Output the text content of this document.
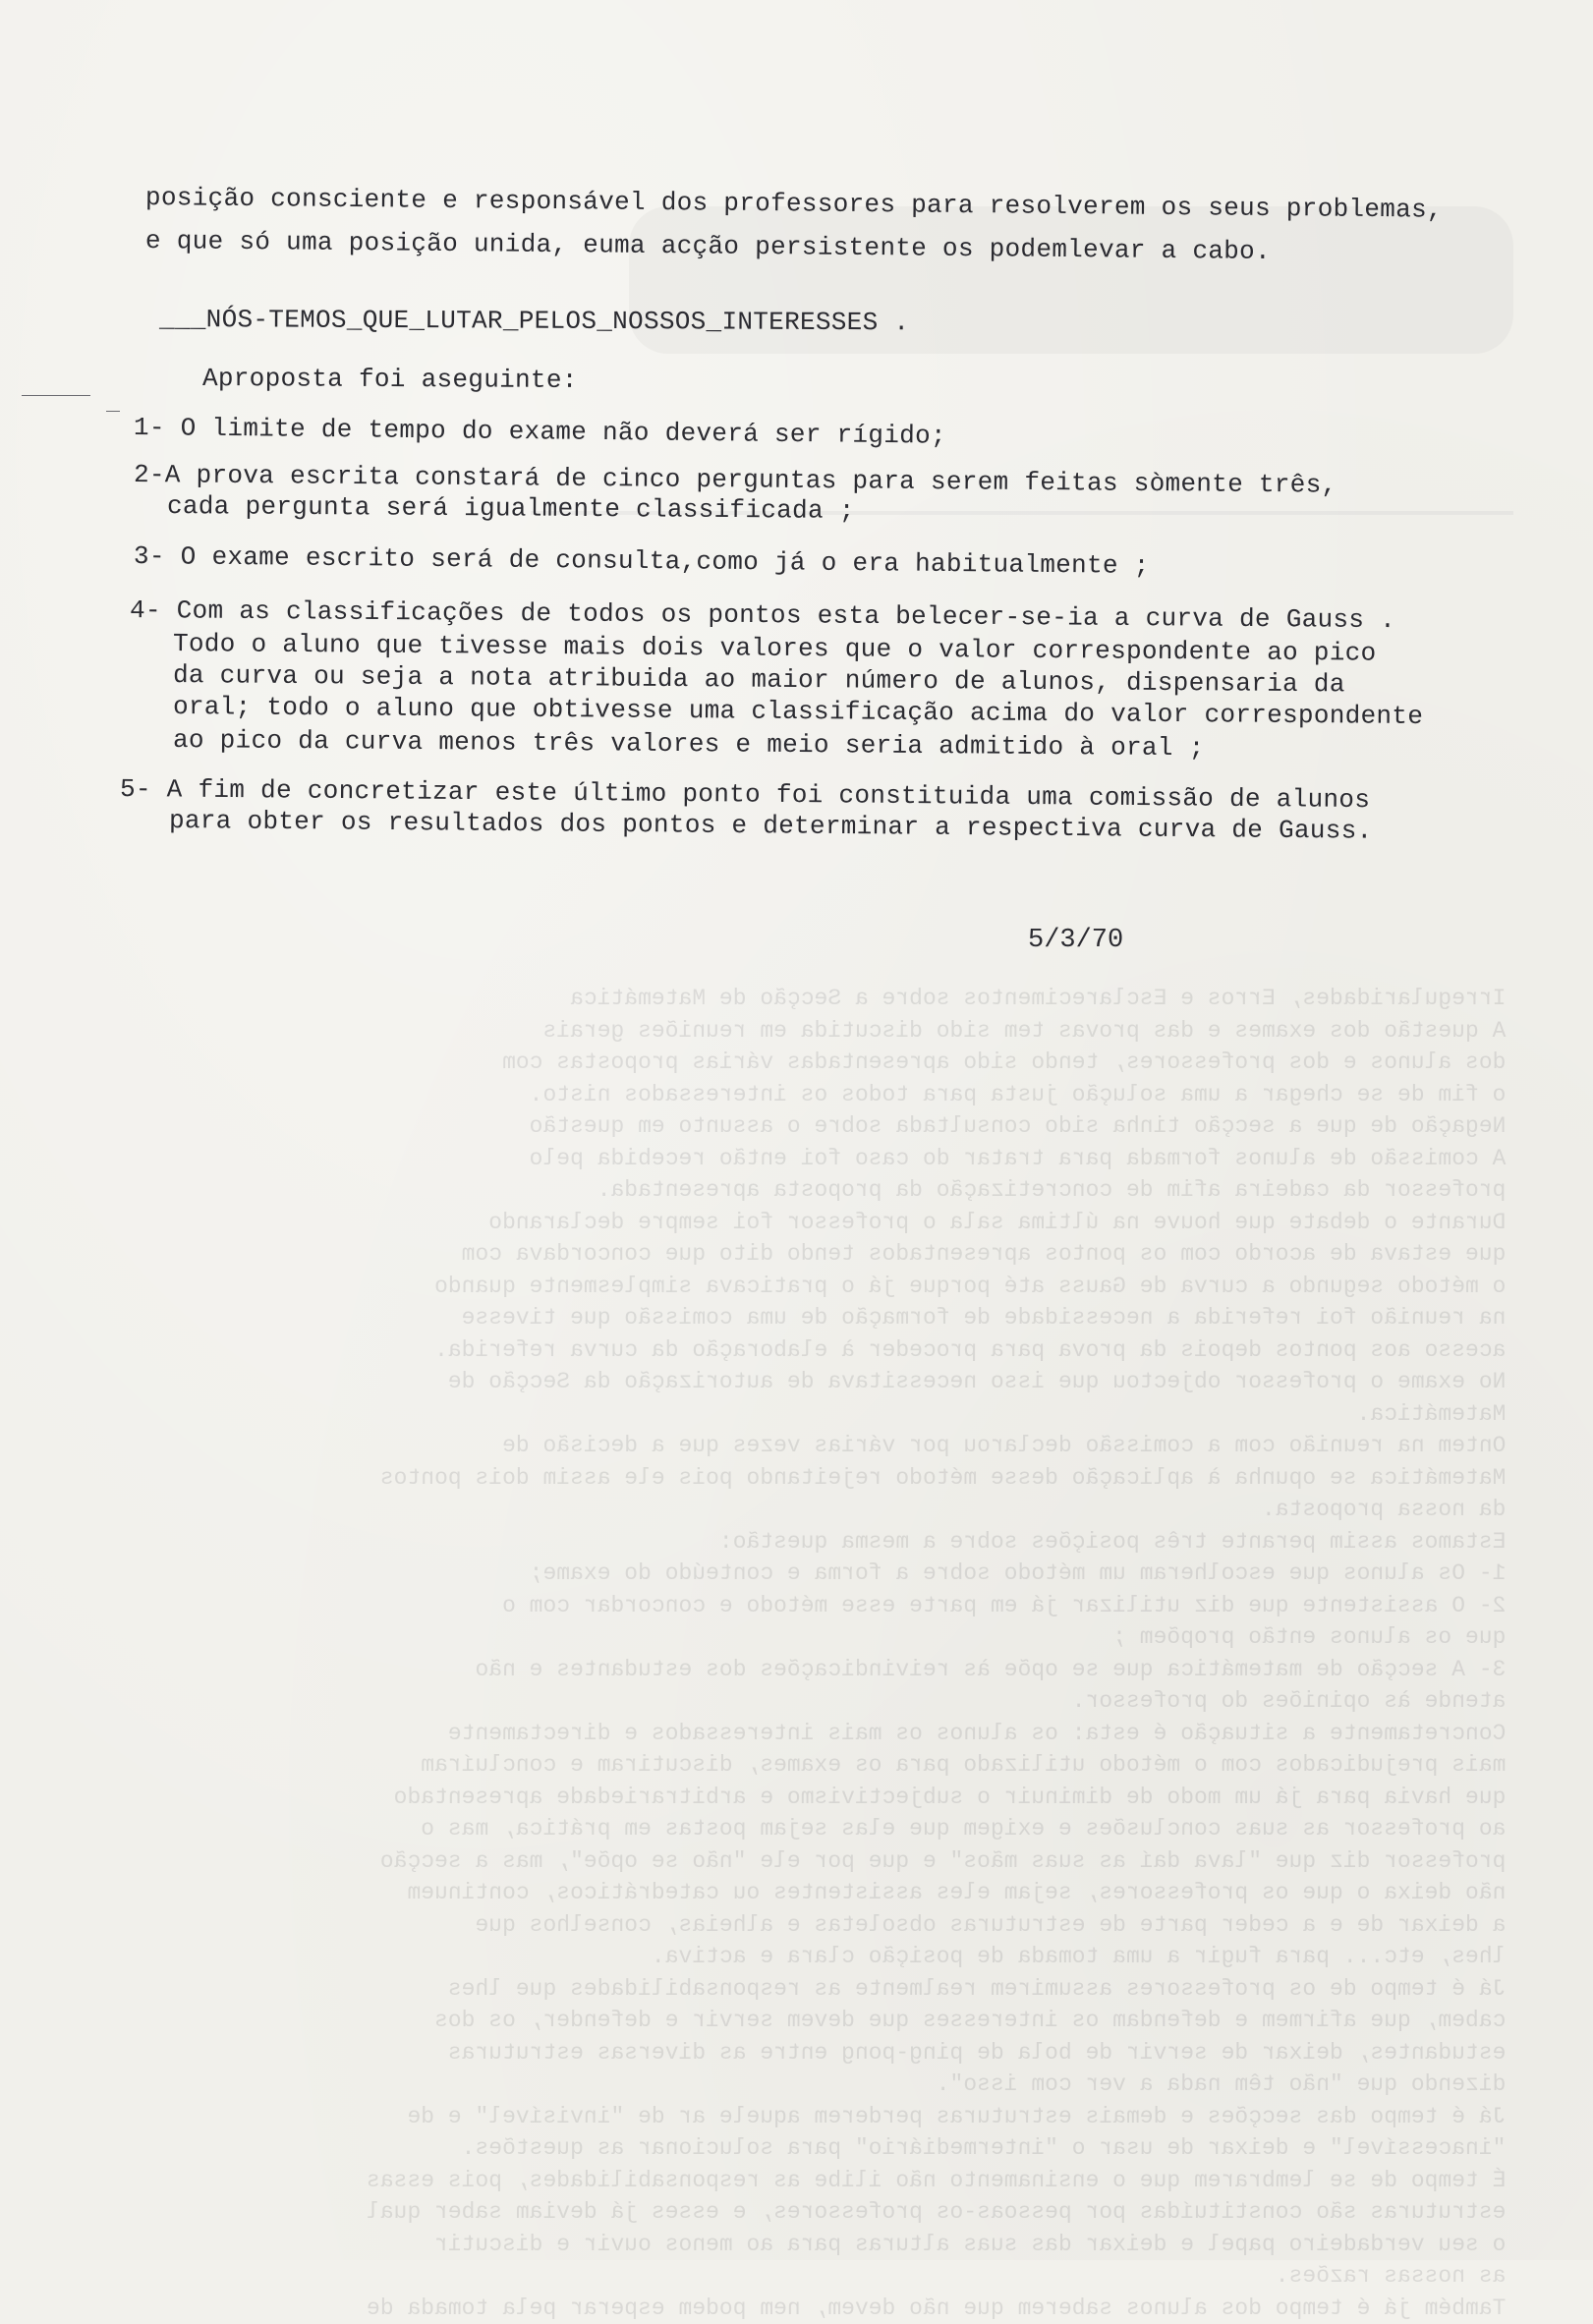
Irregularidades, Erros e Esclarecimentos sobre a Secção de Matemática
A questão dos exames e das provas tem sido discutida em reuniões gerais
dos alunos e dos professores, tendo sido apresentadas várias propostas com
o fim de se chegar a uma solução justa para todos os interessados nisto.
Negação de que a secção tinha sido consultada sobre o assunto em questão
A comissão de alunos formada para tratar do caso foi então recebida pelo
professor da cadeira afim de concretização da proposta apresentada.
Durante o debate que houve na última sala o professor foi sempre declarando
que estava de acordo com os pontos apresentados tendo dito que concordava com
o método segundo a curva de Gauss até porque já o praticava simplesmente quando
na reunião foi referida a necessidade de formação de uma comissão que tivesse
acesso aos pontos depois da prova para proceder à elaboração da curva referida.
No exame o professor objectou que isso necessitava de autorização da Secção de
Matemática.
Ontem na reunião com a comissão declarou por várias vezes que a decisão de
Matemática se opunha à aplicação desse método rejeitando pois ele assim dois pontos
da nossa proposta.
Estamos assim perante três posições sobre a mesma questão:
1- Os alunos que escolheram um método sobre a forma e conteúdo do exame;
2- O assistente que diz utilizar já em parte esse método e concordar com o
que os alunos então propõem ;
3- A secção de matemática que se opõe às reivindicações dos estudantes e não
atende às opiniões do professor.
Concretamente a situação é esta: os alunos os mais interessados e directamente
mais prejudicados com o método utilizado para os exames, discutiram e concluíram
que havia para já um modo de diminuir o subjectivismo e arbitrariedade apresentado
ao professor as suas conclusões e exigem que elas sejam postas em prática, mas o
professor diz que "lava daí as suas mãos" e que por ele "não se opõe", mas a secção
não deixa o que os professores, sejam eles assistentes ou catedráticos, continuem
a deixar de e a ceder parte de estruturas obsoletas e alheias, conselhos que
lhes, etc... para fugir a uma tomada de posição clara e activa.
Já é tempo de os professores assumirem realmente as responsabilidades que lhes
cabem, que afirmem e defendam os interesses que devem servir e defender, os dos
estudantes, deixar de servir de bola de ping-pong entre as diversas estruturas
dizendo que "não têm nada a ver com isso".
Já é tempo das secções e demais estruturas perderem aquele ar de "invisível" e de
"inacessível" e deixar de usar o "intermediário" para solucionar as questões.
É tempo de se lembrarem que o ensinamento não ilibe as responsabilidades, pois essas
estruturas são constituídas por pessoas-os professores, e esses já deviam saber qual
o seu verdadeiro papel e deixar das suas alturas para ao menos ouvir e discutir
as nossas razões.
Também já é tempo dos alunos saberem que não devem, nem podem esperar pela tomada de
posição consciente e responsável dos professores para resolverem os seus problemas,
e que só uma posição unida, euma acção persistente os podemlevar a cabo.
___NÓS-TEMOS_QUE_LUTAR_PELOS_NOSSOS_INTERESSES .
Aproposta foi aseguinte:
1- O limite de tempo do exame não deverá ser rígido;
2-A prova escrita constará de cinco perguntas para serem feitas sòmente três,
cada pergunta será igualmente classificada ;
3- O exame escrito será de consulta,como já o era habitualmente ;
4- Com as classificações de todos os pontos esta belecer-se-ia a curva de Gauss .
Todo o aluno que tivesse mais dois valores que o valor correspondente ao pico
da curva ou seja a nota atribuida ao maior número de alunos, dispensaria da
oral; todo o aluno que obtivesse uma classificação acima do valor correspondente
ao pico da curva menos três valores e meio seria admitido à oral ;
5- A fim de concretizar este último ponto foi constituida uma comissão de alunos
para obter os resultados dos pontos e determinar a respectiva curva de Gauss.
5/3/70
